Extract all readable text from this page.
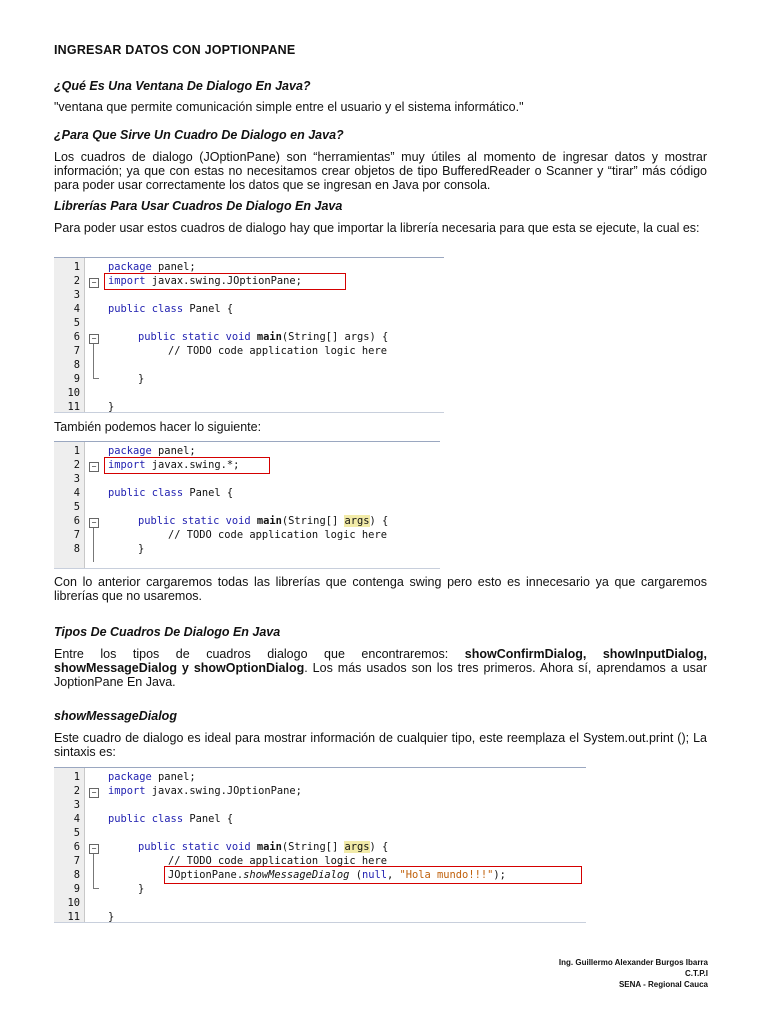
INGRESAR DATOS CON JOPTIONPANE
¿Qué Es Una Ventana De Dialogo En Java?
"ventana que permite comunicación simple entre el usuario y el sistema informático."
¿Para Que Sirve Un Cuadro De Dialogo en Java?
Los cuadros de dialogo (JOptionPane) son “herramientas” muy útiles al momento de ingresar datos y mostrar información; ya que con estas no necesitamos crear objetos de tipo BufferedReader o Scanner y “tirar” más código para poder usar correctamente los datos que se ingresan en Java por consola.
Librerías Para Usar Cuadros De Dialogo En Java
Para poder usar estos cuadros de dialogo hay que importar la librería necesaria para que esta se ejecute, la cual es:
1	package panel;
2	import javax.swing.JOptionPane;
3
4	public class Panel {
5
6	public static void main(String[] args) {
7	// TODO code application logic here
8
9	}
10
11	}
−
−
También podemos hacer lo siguiente:
1	package panel;
2	import javax.swing.*;
3
4	public class Panel {
5
6	public static void main(String[] args) {
7	// TODO code application logic here
8	}
−
−
Con lo anterior cargaremos todas las librerías que contenga swing pero esto es innecesario ya que cargaremos librerías que no usaremos.
Tipos De Cuadros De Dialogo En Java
Entre los tipos de cuadros dialogo que encontraremos: showConfirmDialog, showInputDialog, showMessageDialog y showOptionDialog. Los más usados son los tres primeros. Ahora sí, aprendamos a usar JoptionPane En Java.
showMessageDialog
Este cuadro de dialogo es ideal para mostrar información de cualquier tipo, este reemplaza el System.out.print (); La sintaxis es:
1	package panel;
2	import javax.swing.JOptionPane;
3
4	public class Panel {
5
6	public static void main(String[] args) {
7	// TODO code application logic here
8	JOptionPane.showMessageDialog (null, "Hola mundo!!!");
9	}
10
11	}
−
−
Ing. Guillermo Alexander Burgos Ibarra
C.T.P.I
SENA - Regional Cauca
